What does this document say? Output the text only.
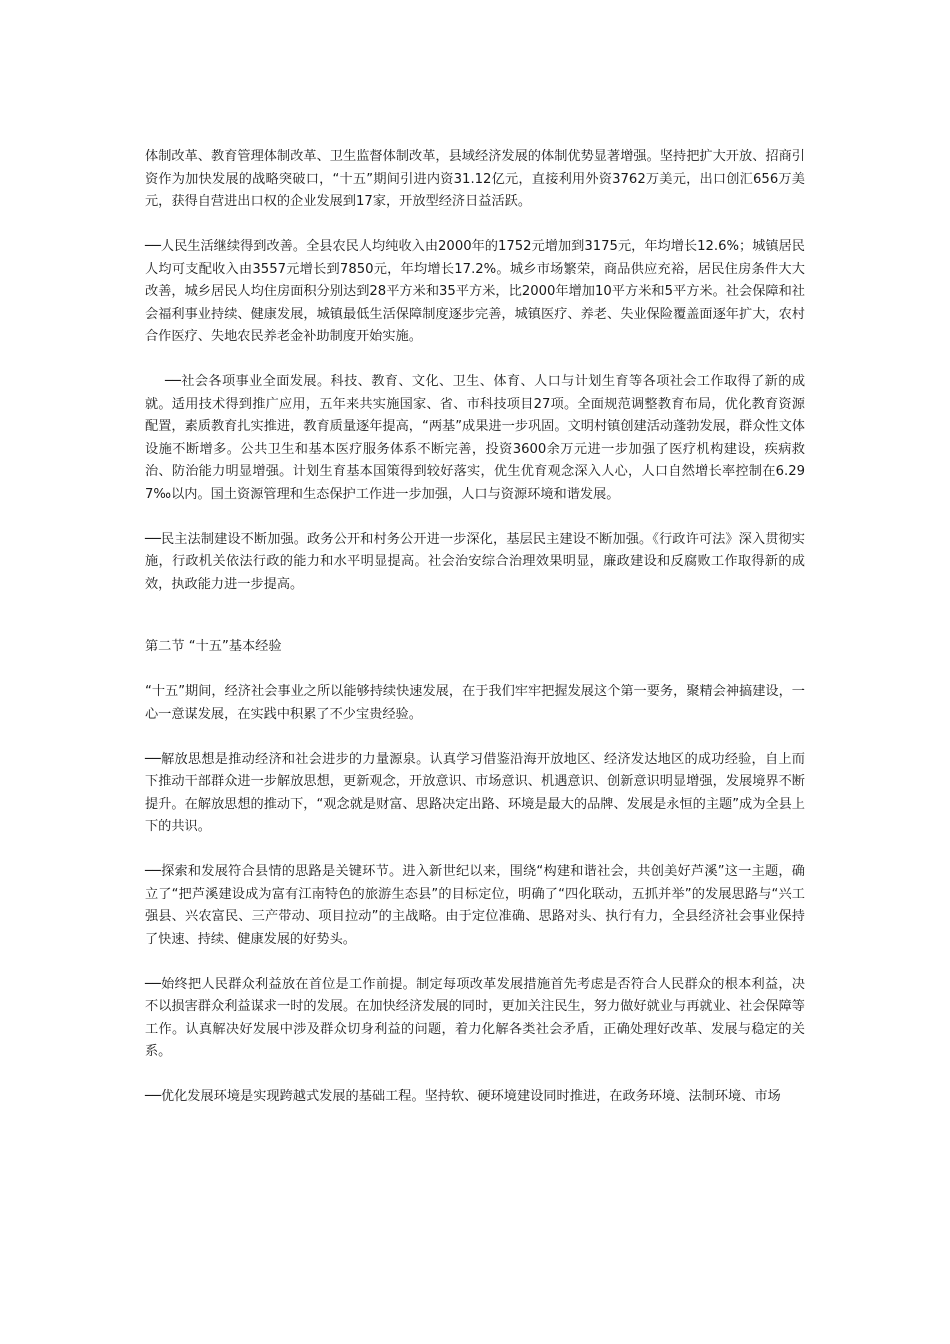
体制改革、教育管理体制改革、卫生监督体制改革，县域经济发展的体制优势显著增强。坚持把扩大开放、招商引资作为加快发展的战略突破口，“十五”期间引进内资31.12亿元，直接利用外资3762万美元，出口创汇656万美元，获得自营进出口权的企业发展到17家，开放型经济日益活跃。

──人民生活继续得到改善。全县农民人均纯收入由2000年的1752元增加到3175元，年均增长12.6%；城镇居民人均可支配收入由3557元增长到7850元，年均增长17.2%。城乡市场繁荣，商品供应充裕，居民住房条件大大改善，城乡居民人均住房面积分别达到28平方米和35平方米，比2000年增加10平方米和5平方米。社会保障和社会福利事业持续、健康发展，城镇最低生活保障制度逐步完善，城镇医疗、养老、失业保险覆盖面逐年扩大，农村合作医疗、失地农民养老金补助制度开始实施。

──社会各项事业全面发展。科技、教育、文化、卫生、体育、人口与计划生育等各项社会工作取得了新的成就。适用技术得到推广应用，五年来共实施国家、省、市科技项目27项。全面规范调整教育布局，优化教育资源配置，素质教育扎实推进，教育质量逐年提高，“两基”成果进一步巩固。文明村镇创建活动蓬勃发展，群众性文体设施不断增多。公共卫生和基本医疗服务体系不断完善，投资3600余万元进一步加强了医疗机构建设，疾病救治、防治能力明显增强。计划生育基本国策得到较好落实，优生优育观念深入人心，人口自然增长率控制在6.297‰以内。国土资源管理和生态保护工作进一步加强，人口与资源环境和谐发展。

──民主法制建设不断加强。政务公开和村务公开进一步深化，基层民主建设不断加强。《行政许可法》深入贯彻实施，行政机关依法行政的能力和水平明显提高。社会治安综合治理效果明显，廉政建设和反腐败工作取得新的成效，执政能力进一步提高。

第二节 “十五”基本经验

“十五”期间，经济社会事业之所以能够持续快速发展，在于我们牢牢把握发展这个第一要务，聚精会神搞建设，一心一意谋发展，在实践中积累了不少宝贵经验。

──解放思想是推动经济和社会进步的力量源泉。认真学习借鉴沿海开放地区、经济发达地区的成功经验，自上而下推动干部群众进一步解放思想，更新观念，开放意识、市场意识、机遇意识、创新意识明显增强，发展境界不断提升。在解放思想的推动下，“观念就是财富、思路决定出路、环境是最大的品牌、发展是永恒的主题”成为全县上下的共识。

──探索和发展符合县情的思路是关键环节。进入新世纪以来，围绕“构建和谐社会，共创美好芦溪”这一主题，确立了“把芦溪建设成为富有江南特色的旅游生态县”的目标定位，明确了“四化联动，五抓并举”的发展思路与“兴工强县、兴农富民、三产带动、项目拉动”的主战略。由于定位准确、思路对头、执行有力，全县经济社会事业保持了快速、持续、健康发展的好势头。

──始终把人民群众利益放在首位是工作前提。制定每项改革发展措施首先考虑是否符合人民群众的根本利益，决不以损害群众利益谋求一时的发展。在加快经济发展的同时，更加关注民生，努力做好就业与再就业、社会保障等工作。认真解决好发展中涉及群众切身利益的问题，着力化解各类社会矛盾，正确处理好改革、发展与稳定的关系。

──优化发展环境是实现跨越式发展的基础工程。坚持软、硬环境建设同时推进，在政务环境、法制环境、市场
